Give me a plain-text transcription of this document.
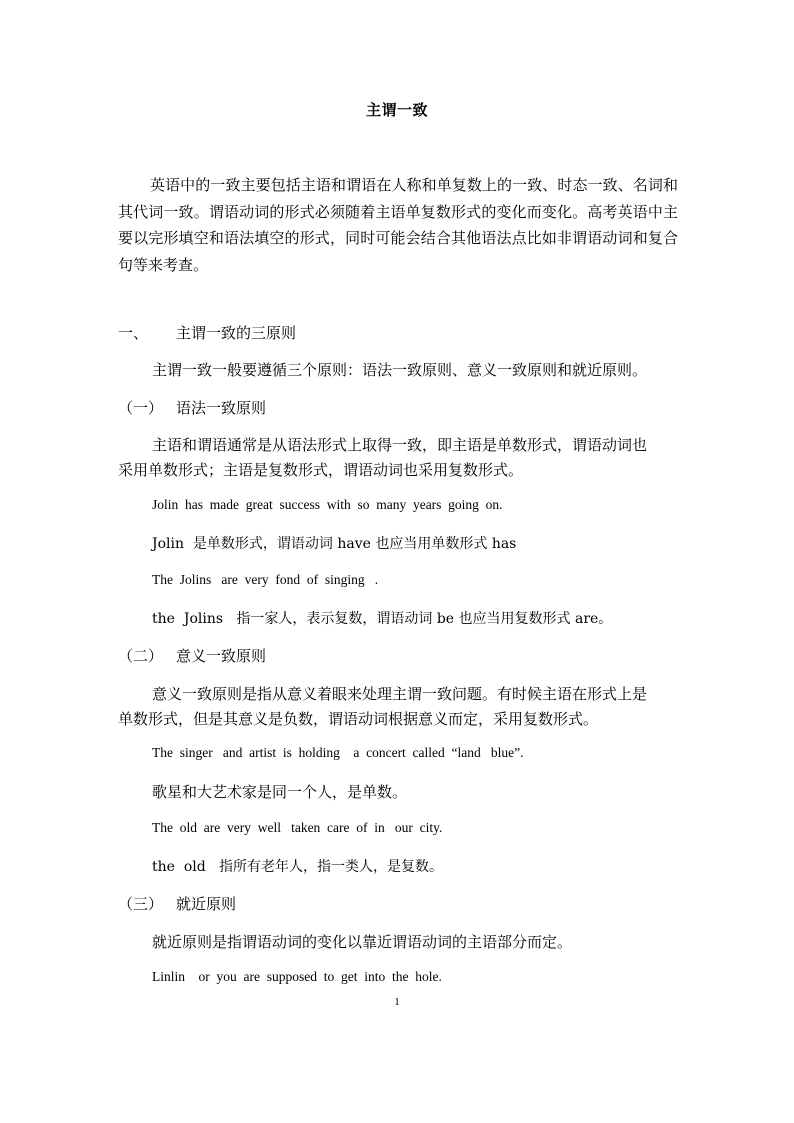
主谓一致
英语中的一致主要包括主语和谓语在人称和单复数上的一致、时态一致、名词和其代词一致。谓语动词的形式必须随着主语单复数形式的变化而变化。高考英语中主要以完形填空和语法填空的形式，同时可能会结合其他语法点比如非谓语动词和复合句等来考查。
一、 主谓一致的三原则
主谓一致一般要遵循三个原则：语法一致原则、意义一致原则和就近原则。
（一） 语法一致原则
主语和谓语通常是从语法形式上取得一致，即主语是单数形式，谓语动词也
采用单数形式；主语是复数形式，谓语动词也采用复数形式。
Jolin  has  made  great  success  with  so  many  years  going  on.
Jolin  是单数形式，谓语动词 have 也应当用单数形式 has
The  Jolins   are  very  fond  of  singing   .
the  Jolins   指一家人，表示复数，谓语动词 be 也应当用复数形式 are。
（二） 意义一致原则
意义一致原则是指从意义着眼来处理主谓一致问题。有时候主语在形式上是
单数形式，但是其意义是负数，谓语动词根据意义而定，采用复数形式。
The  singer   and  artist  is  holding    a  concert  called  “land   blue”.
歌星和大艺术家是同一个人，是单数。
The  old  are  very  well   taken  care  of  in   our  city.
the  old   指所有老年人，指一类人，是复数。
（三） 就近原则
就近原则是指谓语动词的变化以靠近谓语动词的主语部分而定。
Linlin    or  you  are  supposed  to  get  into  the  hole.
1
